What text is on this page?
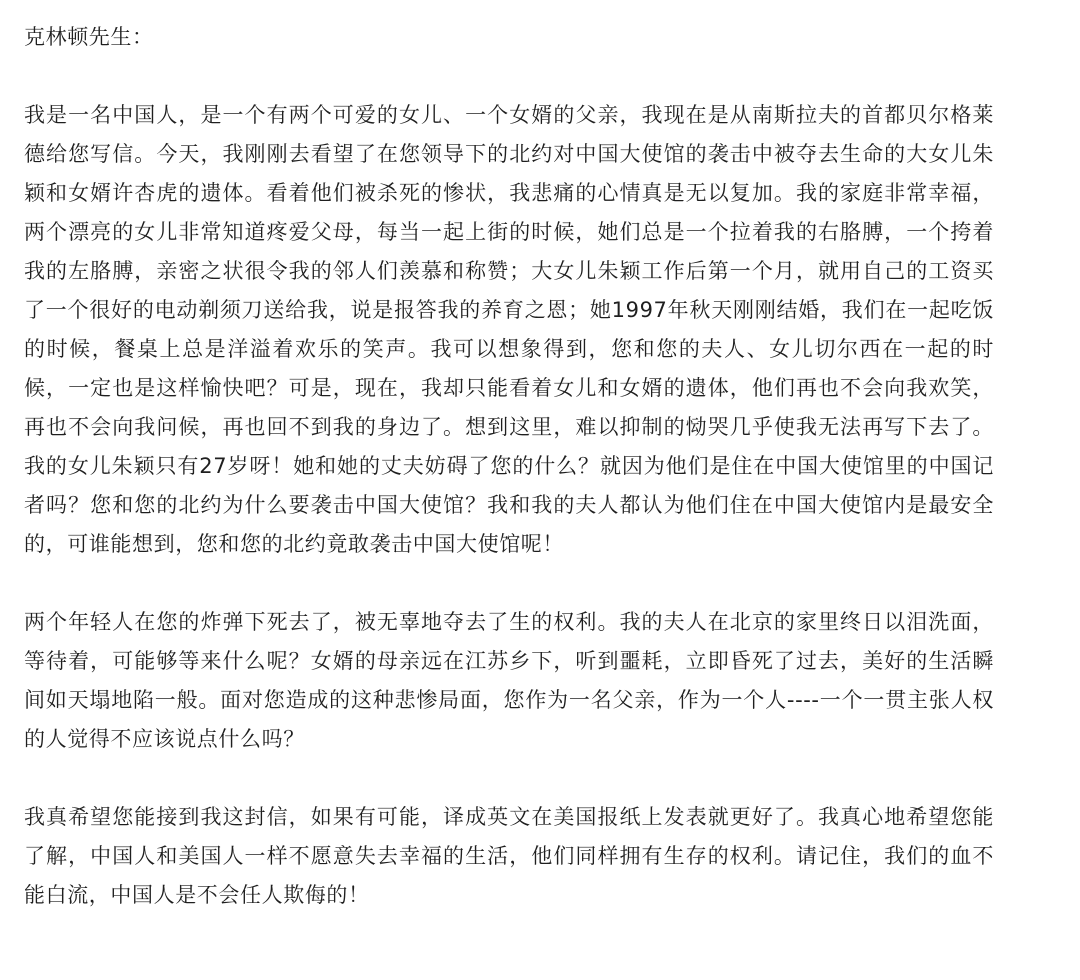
克林顿先生：
我是一名中国人，是一个有两个可爱的女儿、一个女婿的父亲，我现在是从南斯拉夫的首都贝尔格莱德给您写信。今天，我刚刚去看望了在您领导下的北约对中国大使馆的袭击中被夺去生命的大女儿朱颖和女婿许杏虎的遗体。看着他们被杀死的惨状，我悲痛的心情真是无以复加。我的家庭非常幸福，两个漂亮的女儿非常知道疼爱父母，每当一起上街的时候，她们总是一个拉着我的右胳膊，一个挎着我的左胳膊，亲密之状很令我的邻人们羡慕和称赞；大女儿朱颖工作后第一个月，就用自己的工资买了一个很好的电动剃须刀送给我，说是报答我的养育之恩；她1997年秋天刚刚结婚，我们在一起吃饭的时候，餐桌上总是洋溢着欢乐的笑声。我可以想象得到，您和您的夫人、女儿切尔西在一起的时候，一定也是这样愉快吧？可是，现在，我却只能看着女儿和女婿的遗体，他们再也不会向我欢笑，再也不会向我问候，再也回不到我的身边了。想到这里，难以抑制的恸哭几乎使我无法再写下去了。我的女儿朱颖只有27岁呀！她和她的丈夫妨碍了您的什么？就因为他们是住在中国大使馆里的中国记者吗？您和您的北约为什么要袭击中国大使馆？我和我的夫人都认为他们住在中国大使馆内是最安全的，可谁能想到，您和您的北约竟敢袭击中国大使馆呢！
两个年轻人在您的炸弹下死去了，被无辜地夺去了生的权利。我的夫人在北京的家里终日以泪洗面，等待着，可能够等来什么呢？女婿的母亲远在江苏乡下，听到噩耗，立即昏死了过去，美好的生活瞬间如天塌地陷一般。面对您造成的这种悲惨局面，您作为一名父亲，作为一个人----一个一贯主张人权的人觉得不应该说点什么吗？
我真希望您能接到我这封信，如果有可能，译成英文在美国报纸上发表就更好了。我真心地希望您能了解，中国人和美国人一样不愿意失去幸福的生活，他们同样拥有生存的权利。请记住，我们的血不能白流，中国人是不会任人欺侮的！
